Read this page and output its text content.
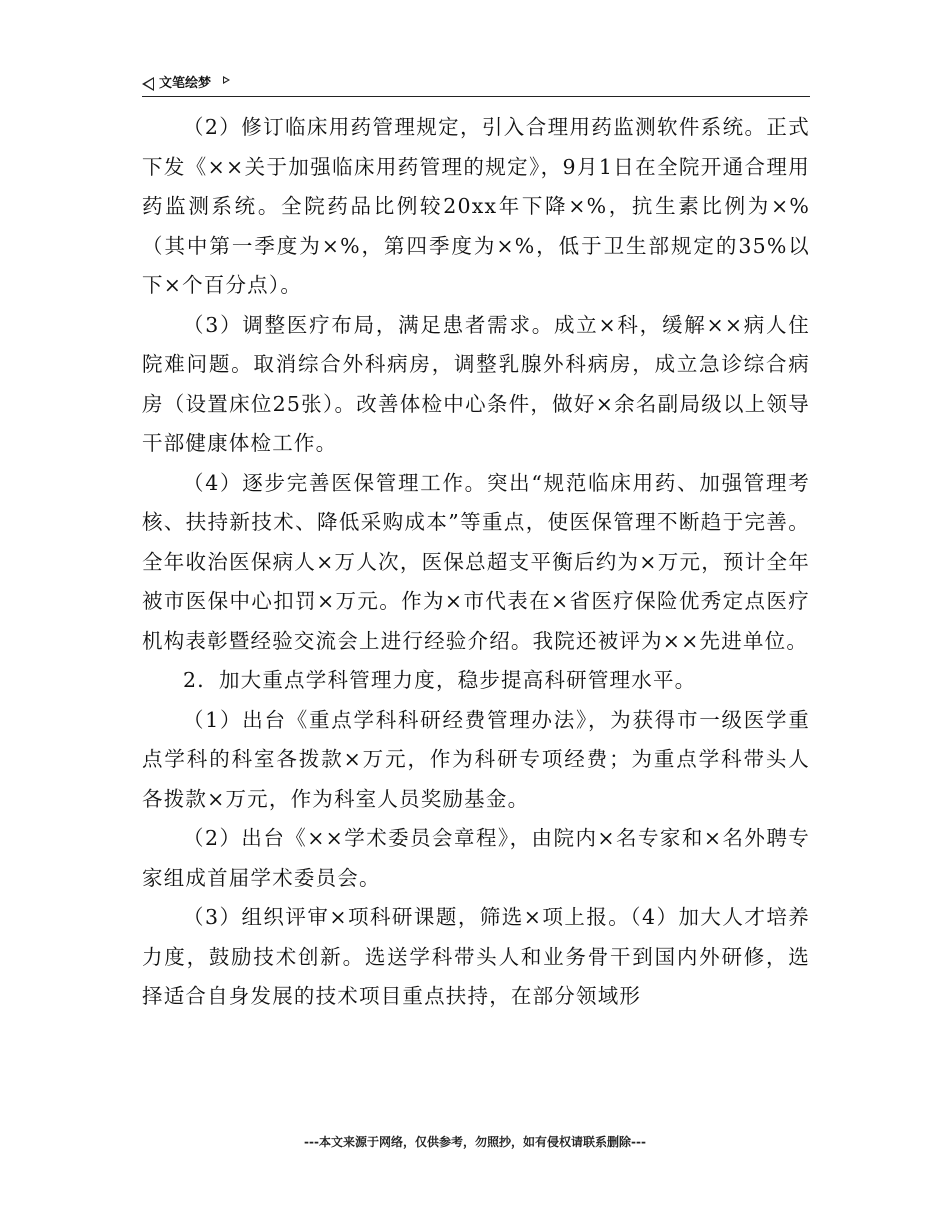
文笔绘梦

（2）修订临床用药管理规定，引入合理用药监测软件系统。正式下发《××关于加强临床用药管理的规定》，9月1日在全院开通合理用药监测系统。全院药品比例较20xx年下降×%，抗生素比例为×%（其中第一季度为×%，第四季度为×%，低于卫生部规定的35%以下×个百分点）。

（3）调整医疗布局，满足患者需求。成立×科，缓解××病人住院难问题。取消综合外科病房，调整乳腺外科病房，成立急诊综合病房（设置床位25张）。改善体检中心条件，做好×余名副局级以上领导干部健康体检工作。

（4）逐步完善医保管理工作。突出“规范临床用药、加强管理考核、扶持新技术、降低采购成本”等重点，使医保管理不断趋于完善。全年收治医保病人×万人次，医保总超支平衡后约为×万元，预计全年被市医保中心扣罚×万元。作为×市代表在×省医疗保险优秀定点医疗机构表彰暨经验交流会上进行经验介绍。我院还被评为××先进单位。

2．加大重点学科管理力度，稳步提高科研管理水平。

（1）出台《重点学科科研经费管理办法》，为获得市一级医学重点学科的科室各拨款×万元，作为科研专项经费；为重点学科带头人各拨款×万元，作为科室人员奖励基金。

（2）出台《××学术委员会章程》，由院内×名专家和×名外聘专家组成首届学术委员会。

（3）组织评审×项科研课题，筛选×项上报。（4）加大人才培养力度，鼓励技术创新。选送学科带头人和业务骨干到国内外研修，选择适合自身发展的技术项目重点扶持，在部分领域形

---本文来源于网络，仅供参考，勿照抄，如有侵权请联系删除---
